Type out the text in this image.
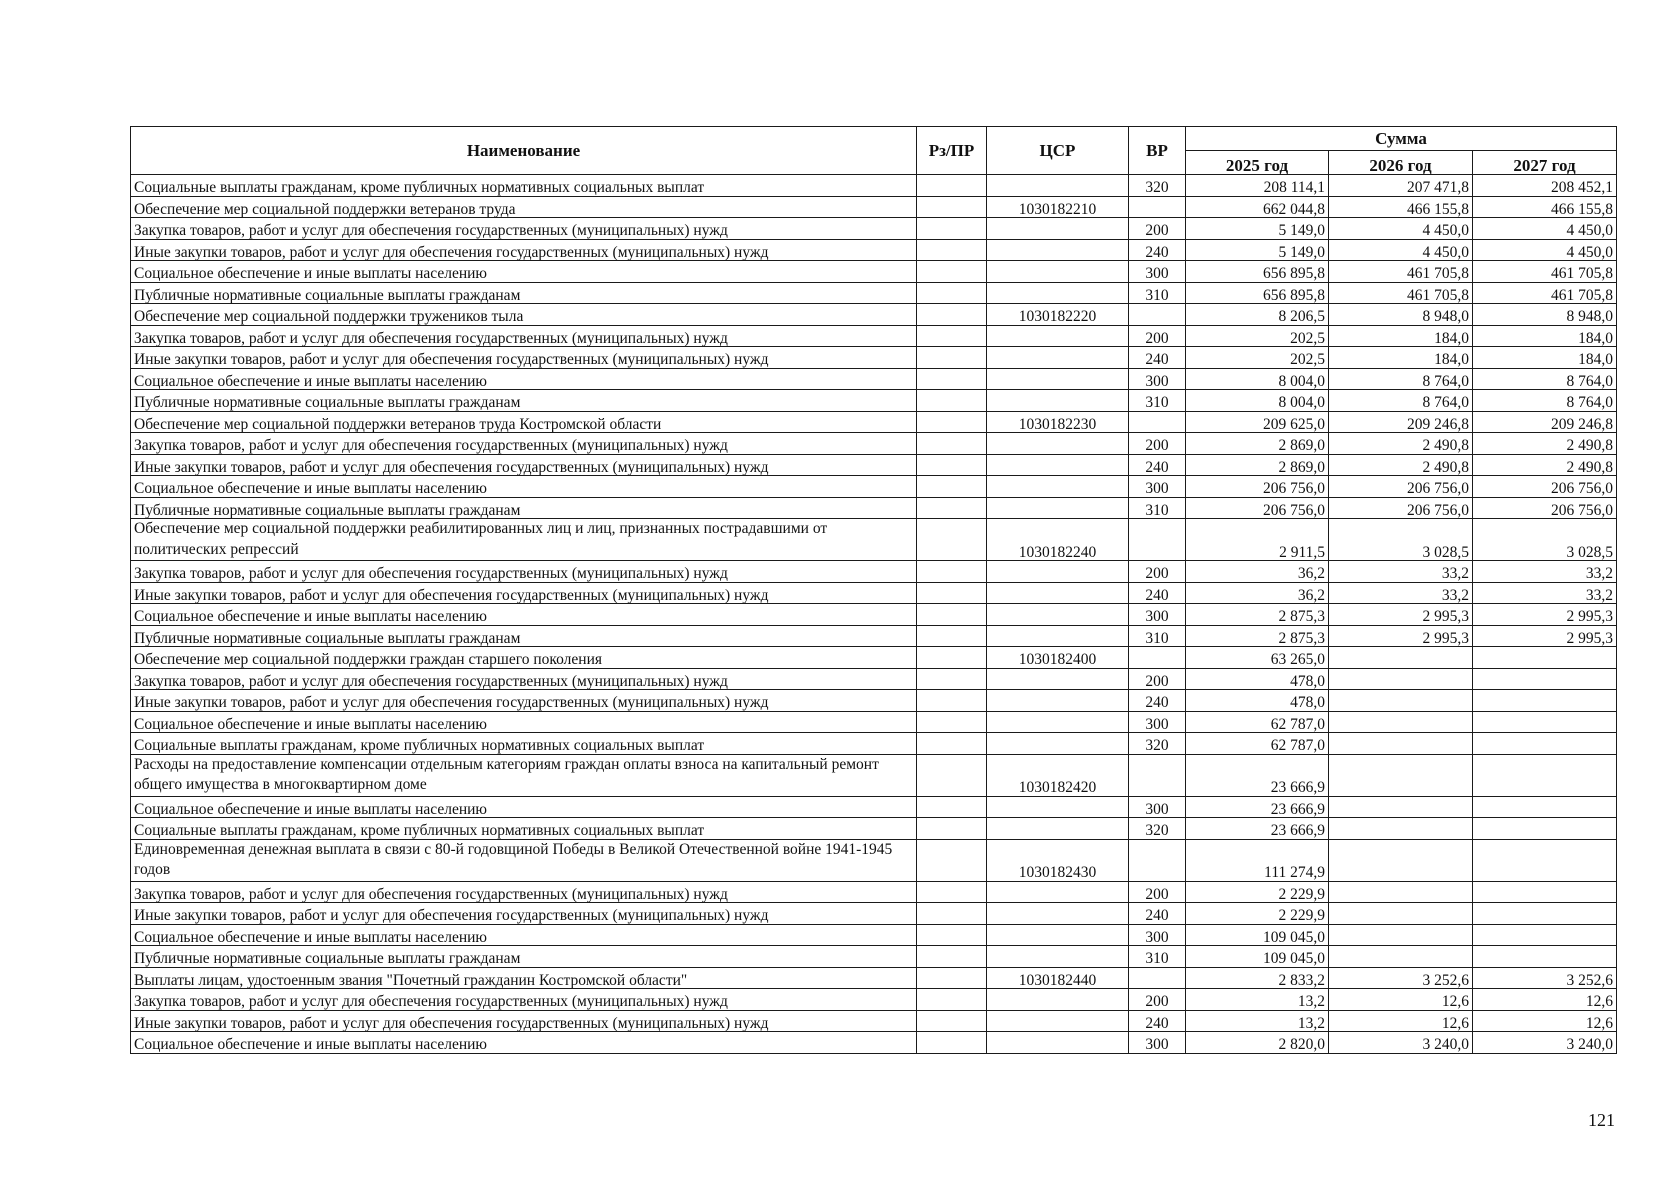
Наименование	Рз/ПР	ЦСР	ВР	Сумма		
				2025 год	2026 год	2027 год
Социальные выплаты гражданам, кроме публичных нормативных социальных выплат			320	208 114,1	207 471,8	208 452,1
Обеспечение мер социальной поддержки ветеранов труда		1030182210		662 044,8	466 155,8	466 155,8
Закупка товаров, работ и услуг для обеспечения государственных (муниципальных) нужд			200	5 149,0	4 450,0	4 450,0
Иные закупки товаров, работ и услуг для обеспечения государственных (муниципальных) нужд			240	5 149,0	4 450,0	4 450,0
Социальное обеспечение и иные выплаты населению			300	656 895,8	461 705,8	461 705,8
Публичные нормативные социальные выплаты гражданам			310	656 895,8	461 705,8	461 705,8
Обеспечение мер социальной поддержки тружеников тыла		1030182220		8 206,5	8 948,0	8 948,0
Закупка товаров, работ и услуг для обеспечения государственных (муниципальных) нужд			200	202,5	184,0	184,0
Иные закупки товаров, работ и услуг для обеспечения государственных (муниципальных) нужд			240	202,5	184,0	184,0
Социальное обеспечение и иные выплаты населению			300	8 004,0	8 764,0	8 764,0
Публичные нормативные социальные выплаты гражданам			310	8 004,0	8 764,0	8 764,0
Обеспечение мер социальной поддержки ветеранов труда Костромской области		1030182230		209 625,0	209 246,8	209 246,8
Закупка товаров, работ и услуг для обеспечения государственных (муниципальных) нужд			200	2 869,0	2 490,8	2 490,8
Иные закупки товаров, работ и услуг для обеспечения государственных (муниципальных) нужд			240	2 869,0	2 490,8	2 490,8
Социальное обеспечение и иные выплаты населению			300	206 756,0	206 756,0	206 756,0
Публичные нормативные социальные выплаты гражданам			310	206 756,0	206 756,0	206 756,0
Обеспечение мер социальной поддержки реабилитированных лиц и лиц, признанных пострадавшими от политических репрессий		1030182240		2 911,5	3 028,5	3 028,5
Закупка товаров, работ и услуг для обеспечения государственных (муниципальных) нужд			200	36,2	33,2	33,2
Иные закупки товаров, работ и услуг для обеспечения государственных (муниципальных) нужд			240	36,2	33,2	33,2
Социальное обеспечение и иные выплаты населению			300	2 875,3	2 995,3	2 995,3
Публичные нормативные социальные выплаты гражданам			310	2 875,3	2 995,3	2 995,3
Обеспечение мер социальной поддержки граждан старшего поколения		1030182400		63 265,0		
Закупка товаров, работ и услуг для обеспечения государственных (муниципальных) нужд			200	478,0		
Иные закупки товаров, работ и услуг для обеспечения государственных (муниципальных) нужд			240	478,0		
Социальное обеспечение и иные выплаты населению			300	62 787,0		
Социальные выплаты гражданам, кроме публичных нормативных социальных выплат			320	62 787,0		
Расходы на предоставление компенсации отдельным категориям граждан оплаты взноса на капитальный ремонт общего имущества в многоквартирном доме		1030182420		23 666,9		
Социальное обеспечение и иные выплаты населению			300	23 666,9		
Социальные выплаты гражданам, кроме публичных нормативных социальных выплат			320	23 666,9		
Единовременная денежная выплата в связи с 80-й годовщиной Победы в Великой Отечественной войне 1941-1945 годов		1030182430		111 274,9		
Закупка товаров, работ и услуг для обеспечения государственных (муниципальных) нужд			200	2 229,9		
Иные закупки товаров, работ и услуг для обеспечения государственных (муниципальных) нужд			240	2 229,9		
Социальное обеспечение и иные выплаты населению			300	109 045,0		
Публичные нормативные социальные выплаты гражданам			310	109 045,0		
Выплаты лицам, удостоенным звания "Почетный гражданин Костромской области"		1030182440		2 833,2	3 252,6	3 252,6
Закупка товаров, работ и услуг для обеспечения государственных (муниципальных) нужд			200	13,2	12,6	12,6
Иные закупки товаров, работ и услуг для обеспечения государственных (муниципальных) нужд			240	13,2	12,6	12,6
Социальное обеспечение и иные выплаты населению			300	2 820,0	3 240,0	3 240,0
121
